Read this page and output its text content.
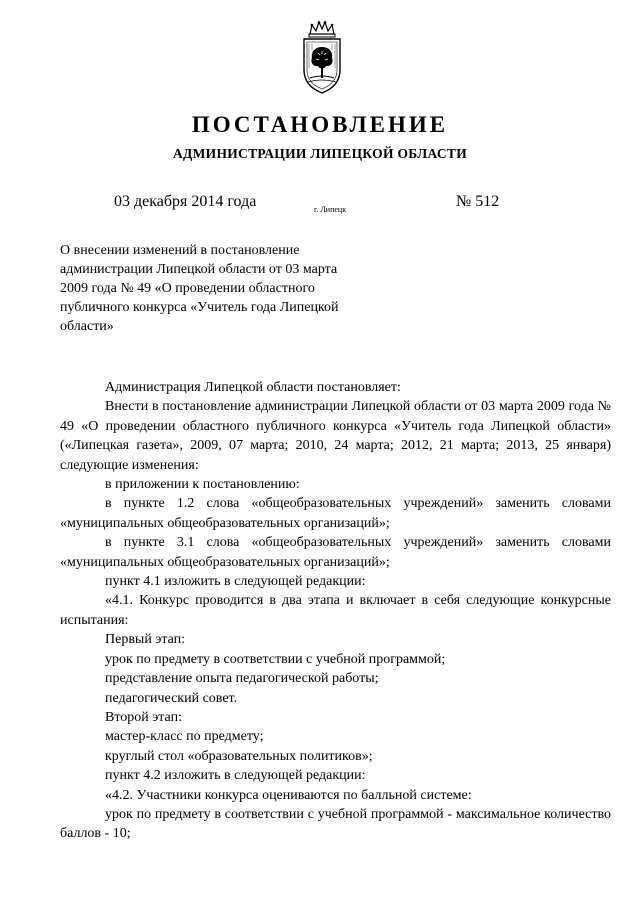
ПОСТАНОВЛЕНИЕ
АДМИНИСТРАЦИИ ЛИПЕЦКОЙ ОБЛАСТИ
03 декабря 2014 года	г. Липецк	№ 512
О внесении изменений в постановление
администрации Липецкой области от 03 марта
2009 года № 49 «О проведении областного
публичного конкурса «Учитель года Липецкой
области»

Администрация Липецкой области постановляет:

Внести в постановление администрации Липецкой области от 03 марта 2009 года № 49 «О проведении областного публичного конкурса «Учитель года Липецкой области» («Липецкая газета», 2009, 07 марта; 2010, 24 марта; 2012, 21 марта; 2013, 25 января) следующие изменения:

в приложении к постановлению:

в пункте 1.2 слова «общеобразовательных учреждений» заменить словами «муниципальных общеобразовательных организаций»;

в пункте 3.1 слова «общеобразовательных учреждений» заменить словами «муниципальных общеобразовательных организаций»;

пункт 4.1 изложить в следующей редакции:

«4.1. Конкурс проводится в два этапа и включает в себя следующие конкурсные испытания:

Первый этап:

урок по предмету в соответствии с учебной программой;

представление опыта педагогической работы;

педагогический совет.

Второй этап:

мастер-класс по предмету;

круглый стол «образовательных политиков»;

пункт 4.2 изложить в следующей редакции:

«4.2. Участники конкурса оцениваются по балльной системе:

урок по предмету в соответствии с учебной программой - максимальное количество баллов - 10;
